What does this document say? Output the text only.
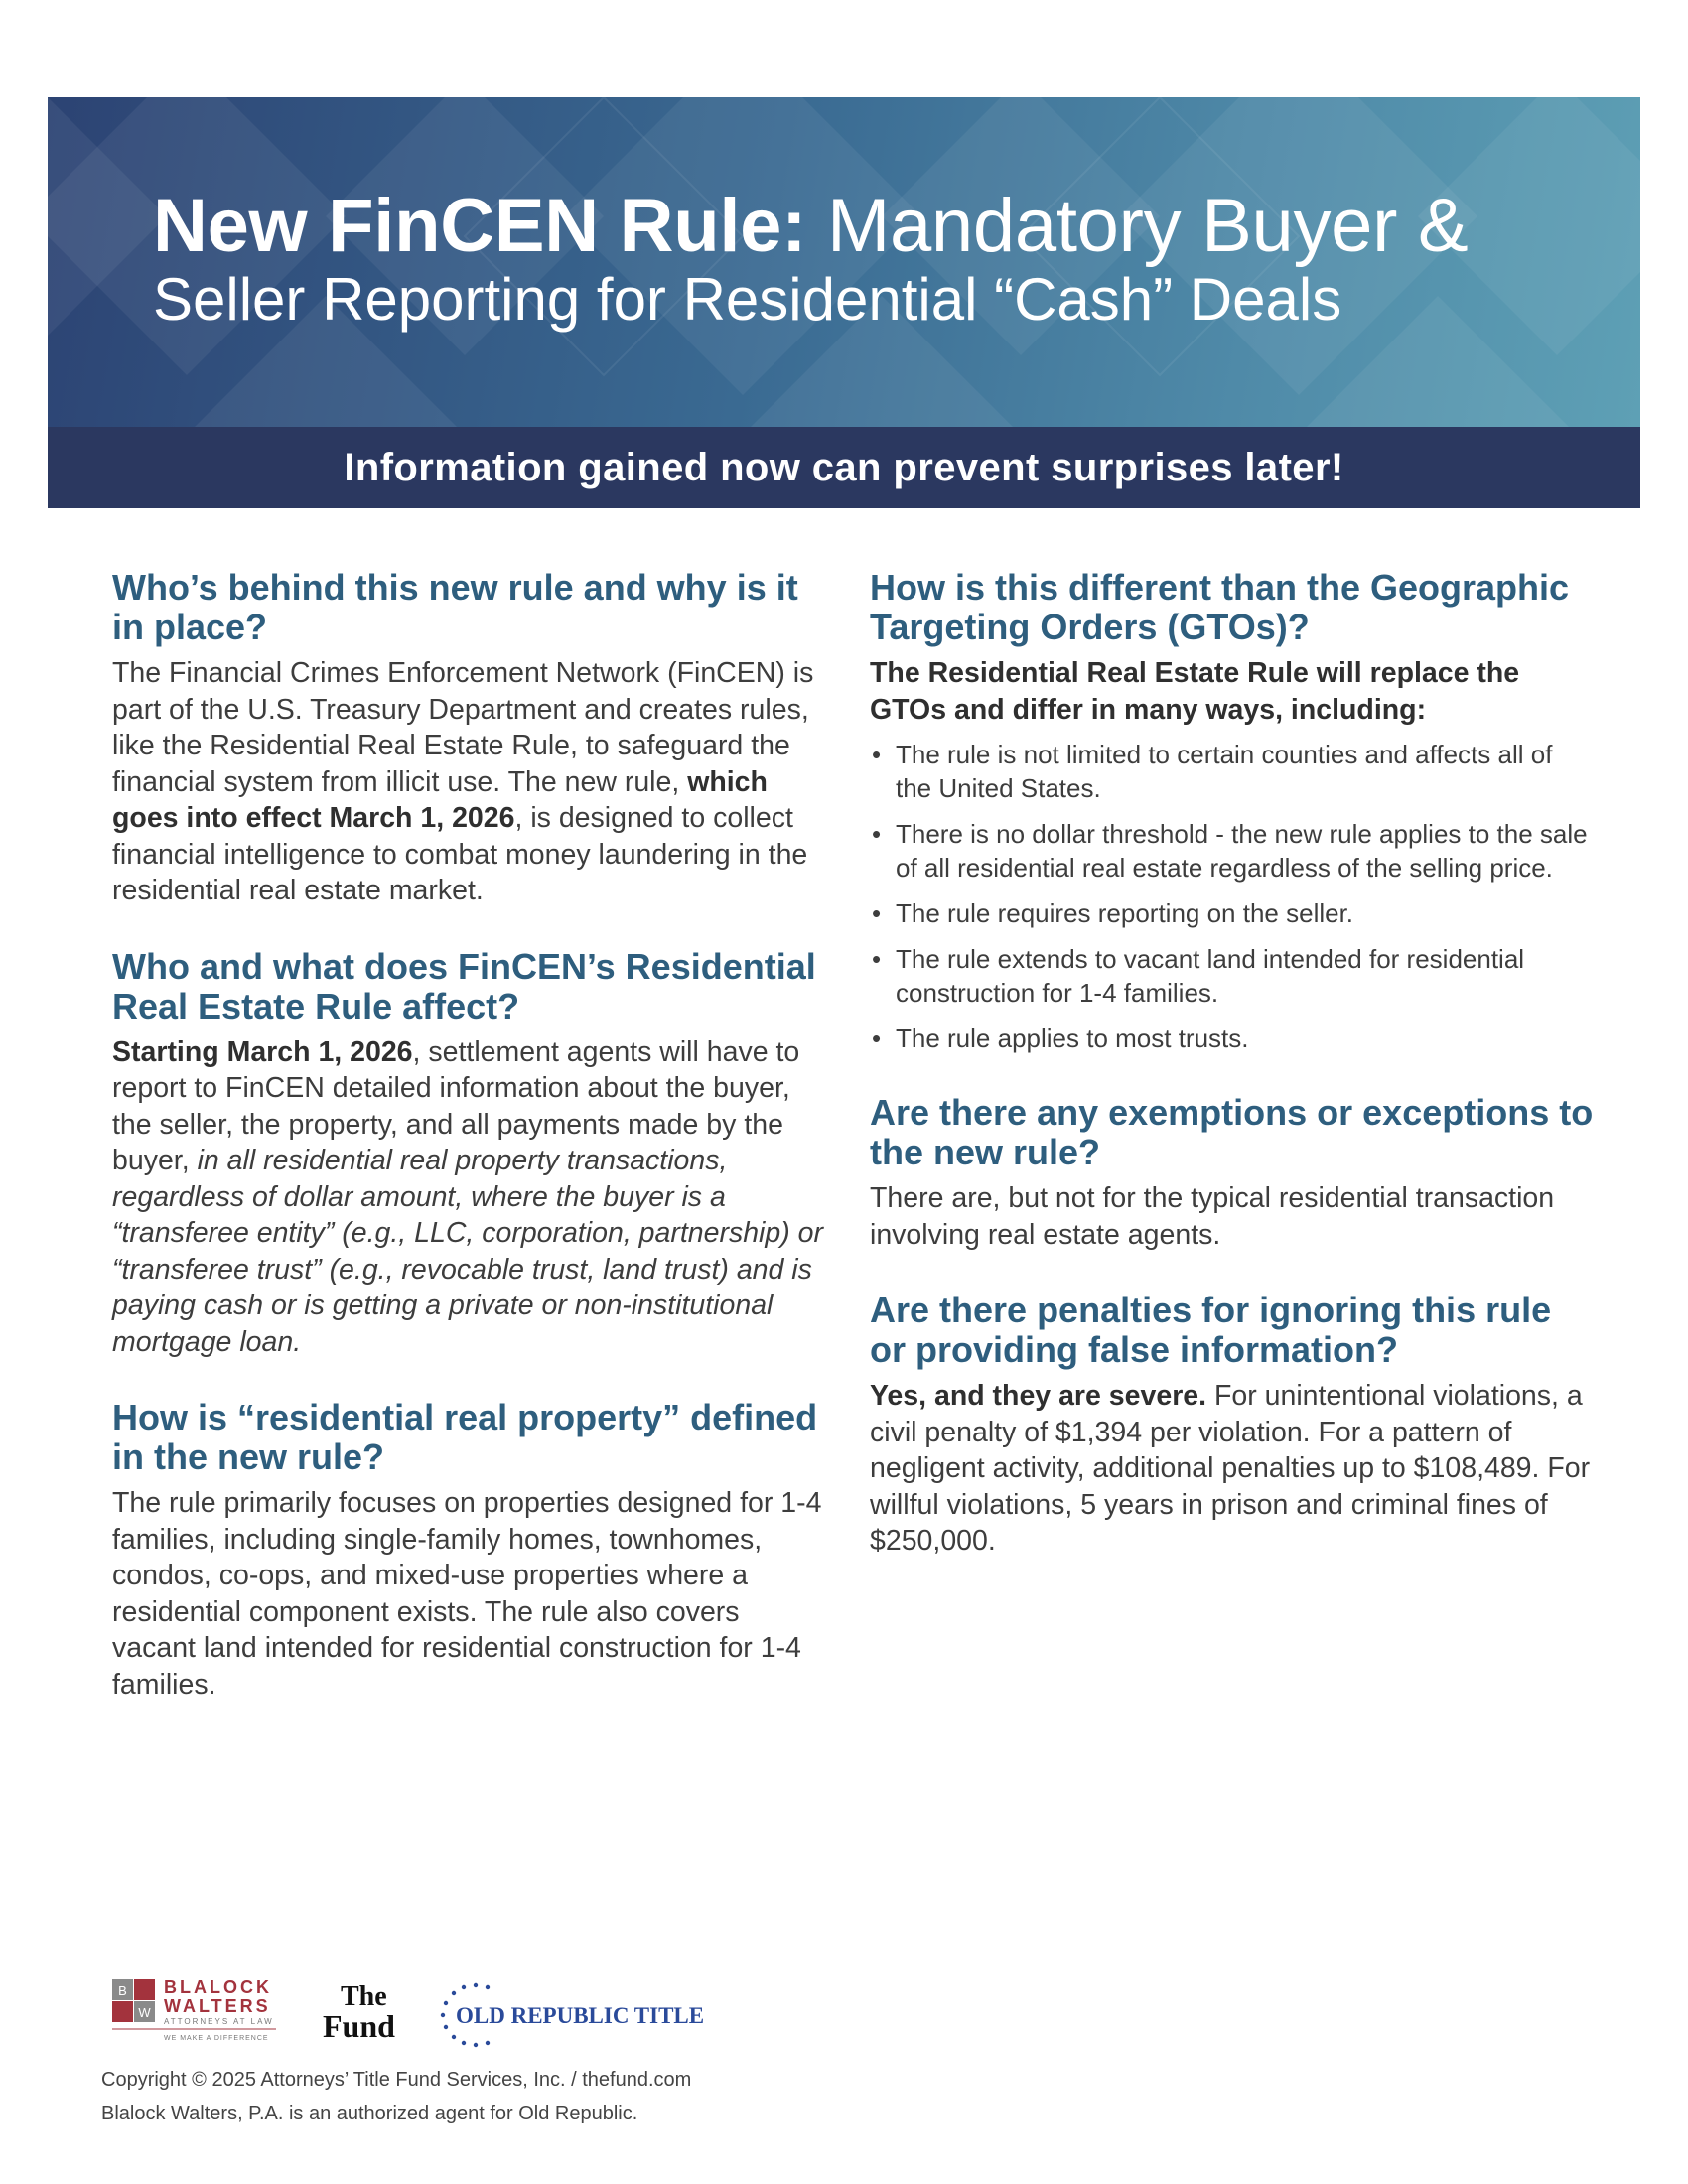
New FinCEN Rule: Mandatory Buyer &
Seller Reporting for Residential “Cash” Deals
Information gained now can prevent surprises later!
Who’s behind this new rule and why is it in place?

The Financial Crimes Enforcement Network (FinCEN) is part of the U.S. Treasury Department and creates rules, like the Residential Real Estate Rule, to safeguard the financial system from illicit use. The new rule, which goes into effect March 1, 2026, is designed to collect financial intelligence to combat money laundering in the residential real estate market.

Who and what does FinCEN’s Residential Real Estate Rule affect?

Starting March 1, 2026, settlement agents will have to report to FinCEN detailed information about the buyer, the seller, the property, and all payments made by the buyer, in all residential real property transactions, regardless of dollar amount, where the buyer is a “transferee entity” (e.g., LLC, corporation, partnership) or “transferee trust” (e.g., revocable trust, land trust) and is paying cash or is getting a private or non-institutional mortgage loan.

How is “residential real property” defined in the new rule?

The rule primarily focuses on properties designed for 1-4 families, including single-family homes, townhomes, condos, co-ops, and mixed-use properties where a residential component exists. The rule also covers vacant land intended for residential construction for 1-4 families.

How is this different than the Geographic Targeting Orders (GTOs)?
The Residential Real Estate Rule will replace the GTOs and differ in many ways, including:
• The rule is not limited to certain counties and affects all of the United States.
• There is no dollar threshold - the new rule applies to the sale of all residential real estate regardless of the selling price.
• The rule requires reporting on the seller.
• The rule extends to vacant land intended for residential construction for 1-4 families.
• The rule applies to most trusts.
Are there any exemptions or exceptions to the new rule?

There are, but not for the typical residential transaction involving real estate agents.

Are there penalties for ignoring this rule or providing false information?

Yes, and they are severe. For unintentional violations, a civil penalty of $1,394 per violation. For a pattern of negligent activity, additional penalties up to $108,489. For willful violations, 5 years in prison and criminal fines of $250,000.

B
W
BLALOCK
WALTERS
ATTORNEYS AT LAW
WE MAKE A DIFFERENCE
The
Fund	OLD REPUBLIC TITLE
Copyright © 2025 Attorneys’ Title Fund Services, Inc. / thefund.com
Blalock Walters, P.A. is an authorized agent for Old Republic.
